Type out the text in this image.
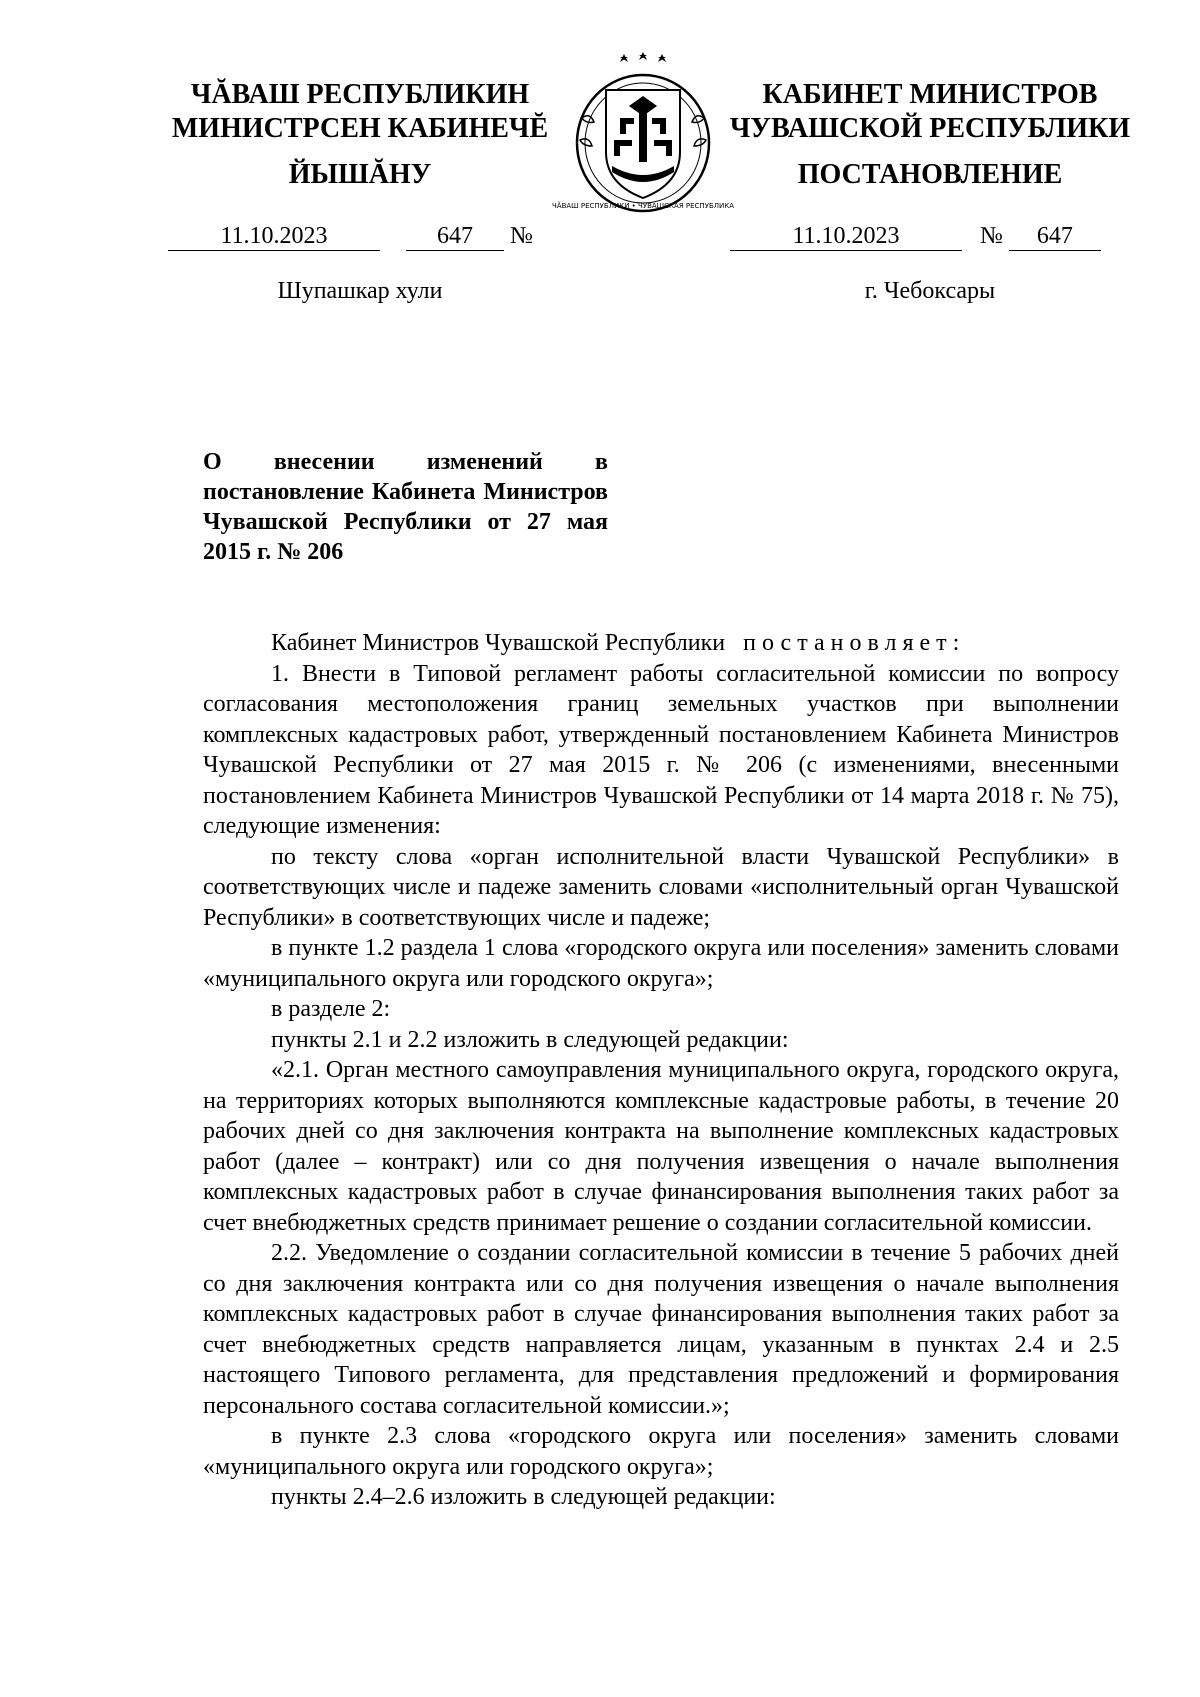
ЧĂВАШ РЕСПУБЛИКИН
МИНИСТРСЕН КАБИНЕЧĔ
ЙЫШĂНУ
КАБИНЕТ МИНИСТРОВ
ЧУВАШСКОЙ РЕСПУБЛИКИ
ПОСТАНОВЛЕНИЕ
ЧĂВАШ РЕСПУБЛИКИ • ЧУВАШСКАЯ РЕСПУБЛИКА
11.10.2023	647 №	11.10.2023	№ 647
Шупашкар хули	г. Чебоксары

О внесении изменений в постановление Кабинета Министров Чувашской Республики от 27 мая 2015 г. № 206

Кабинет Министров Чувашской Республики постановляет:

1. Внести в Типовой регламент работы согласительной комиссии по вопросу согласования местоположения границ земельных участков при выполнении комплексных кадастровых работ, утвержденный постановлением Кабинета Министров Чувашской Республики от 27 мая 2015 г. № 206 (с изменениями, внесенными постановлением Кабинета Министров Чувашской Республики от 14 марта 2018 г. № 75), следующие изменения:

по тексту слова «орган исполнительной власти Чувашской Республики» в соответствующих числе и падеже заменить словами «исполнительный орган Чувашской Республики» в соответствующих числе и падеже;

в пункте 1.2 раздела 1 слова «городского округа или поселения» заменить словами «муниципального округа или городского округа»;

в разделе 2:

пункты 2.1 и 2.2 изложить в следующей редакции:

«2.1. Орган местного самоуправления муниципального округа, городского округа, на территориях которых выполняются комплексные кадастровые работы, в течение 20 рабочих дней со дня заключения контракта на выполнение комплексных кадастровых работ (далее – контракт) или со дня получения извещения о начале выполнения комплексных кадастровых работ в случае финансирования выполнения таких работ за счет внебюджетных средств принимает решение о создании согласительной комиссии.

2.2. Уведомление о создании согласительной комиссии в течение 5 рабочих дней со дня заключения контракта или со дня получения извещения о начале выполнения комплексных кадастровых работ в случае финансирования выполнения таких работ за счет внебюджетных средств направляется лицам, указанным в пунктах 2.4 и 2.5 настоящего Типового регламента, для представления предложений и формирования персонального состава согласительной комиссии.»;

в пункте 2.3 слова «городского округа или поселения» заменить словами «муниципального округа или городского округа»;

пункты 2.4–2.6 изложить в следующей редакции:
